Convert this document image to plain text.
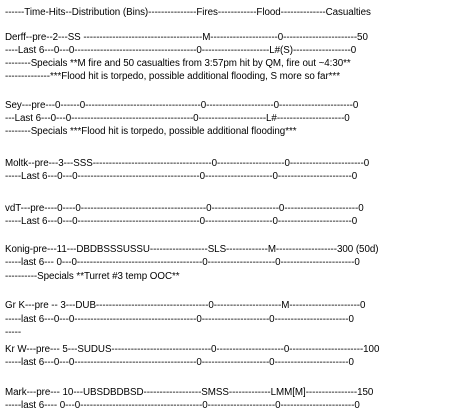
------Time-Hits--Distribution (Bins)---------------Fires------------Flood--------------Casualties
Derff--pre--2---SS -------------------------------------M---------------------0-----------------------50
----Last 6---0---0--------------------------------------0---------------------L#(S)------------------0
--------Specials **M fire and 50 casualties from 3:57pm hit by QM, fire out ~4:30**
--------------***Flood hit is torpedo, possible additional flooding, S more so far***
Sey---pre---0------0------------------------------------0---------------------0-----------------------0
---Last 6---0---0--------------------------------------0---------------------L#---------------------0
--------Specials ***Flood hit is torpedo, possible additional flooding***
Moltk--pre---3---SSS-------------------------------------0---------------------0-----------------------0
-----Last 6---0---0--------------------------------------0---------------------0-----------------------0
vdT---pre----0----0---------------------------------------0---------------------0-----------------------0
-----Last 6---0---0--------------------------------------0---------------------0-----------------------0
Konig-pre---11---DBDBSSSUSSU------------------SLS-------------M-------------------300 (50d)
-----last 6--- 0---0---------------------------------------0---------------------0-----------------------0
----------Specials **Turret #3 temp OOC**
Gr K---pre -- 3---DUB-----------------------------------0---------------------M----------------------0
-----last 6---0---0--------------------------------------0---------------------0-----------------------0
-----
Kr W---pre--- 5---SUDUS-------------------------------0---------------------0-----------------------100
-----last 6---0---0--------------------------------------0---------------------0-----------------------0
Mark---pre--- 10---UBSDBDBSD------------------SMSS-------------LMM[M]----------------150
-----last 6---- 0---0--------------------------------------0---------------------0-----------------------0
